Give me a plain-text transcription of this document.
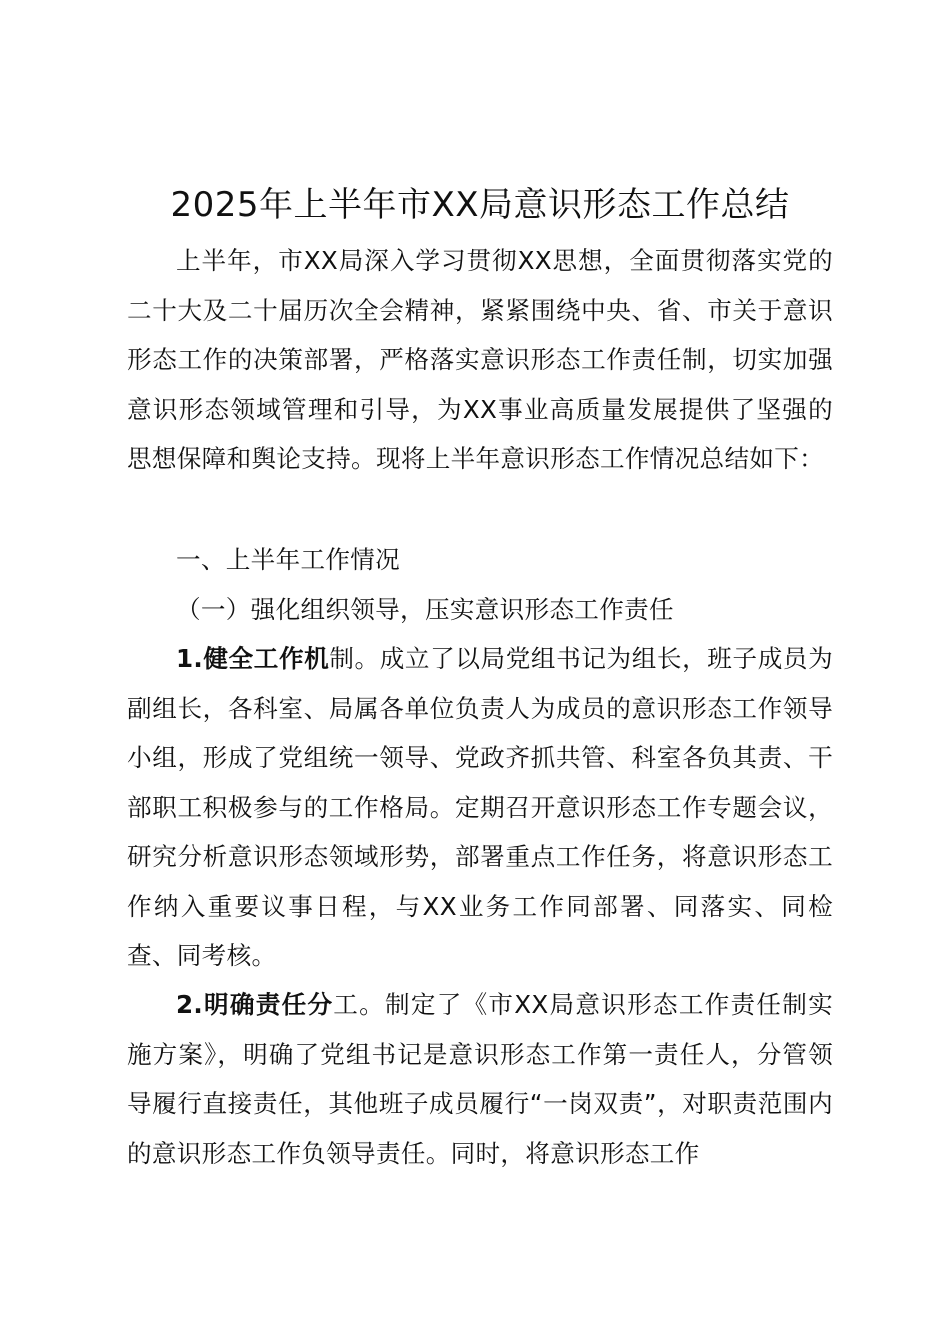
2025年上半年市XX局意识形态工作总结
上半年，市XX局深入学习贯彻XX思想，全面贯彻落实党的二十大及二十届历次全会精神，紧紧围绕中央、省、市关于意识形态工作的决策部署，严格落实意识形态工作责任制，切实加强意识形态领域管理和引导，为XX事业高质量发展提供了坚强的思想保障和舆论支持。现将上半年意识形态工作情况总结如下：
一、上半年工作情况
（一）强化组织领导，压实意识形态工作责任
1.健全工作机制。成立了以局党组书记为组长，班子成员为副组长，各科室、局属各单位负责人为成员的意识形态工作领导小组，形成了党组统一领导、党政齐抓共管、科室各负其责、干部职工积极参与的工作格局。定期召开意识形态工作专题会议，研究分析意识形态领域形势，部署重点工作任务，将意识形态工作纳入重要议事日程，与XX业务工作同部署、同落实、同检查、同考核。
2.明确责任分工。制定了《市XX局意识形态工作责任制实施方案》，明确了党组书记是意识形态工作第一责任人，分管领导履行直接责任，其他班子成员履行“一岗双责”，对职责范围内的意识形态工作负领导责任。同时，将意识形态工作
